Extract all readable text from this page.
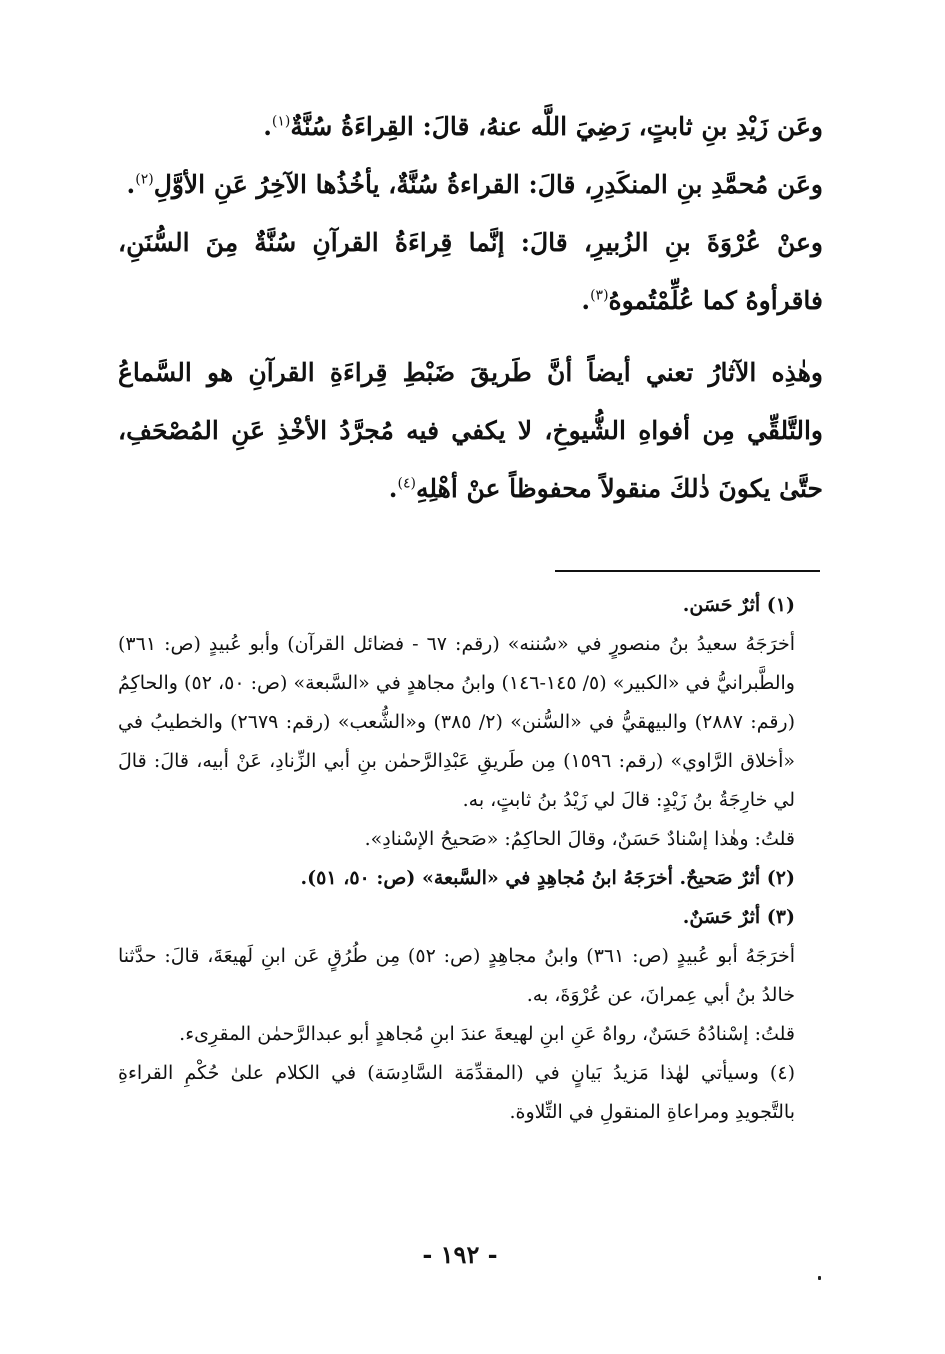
وعَن زَيْدِ بنِ ثابتٍ، رَضِيَ اللَّه عنهُ، قالَ: القِراءَةُ سُنَّةٌ$^{(١)}$.

وعَن مُحمَّدِ بنِ المنكَدِرِ، قالَ: القراءةُ سُنَّةٌ، يأخُذُها الآخِرُ عَنِ الأوَّلِ$^{(٢)}$.

وعنْ عُرْوَةَ بنِ الزُبيرِ، قالَ: إنَّما قِراءَةُ القرآنِ سُنَّةٌ مِنَ السُّنَنِ، فاقرأوهُ كما عُلِّمْتُموهُ$^{(٣)}$.

وهٰذِه الآثارُ تعني أيضاً أنَّ طَريقَ ضَبْطِ قِراءَةِ القرآنِ هو السَّماعُ والتَّلقِّي مِن أفواهِ الشُّيوخِ، لا يكفي فيه مُجرَّدُ الأخْذِ عَنِ المُصْحَفِ، حتَّىٰ يكونَ ذٰلكَ منقولاً محفوظاً عنْ أهْلِهِ$^{(٤)}$.

(١) أثرٌ حَسَن.

أخرَجَهُ سعيدُ بنُ منصورٍ في «سُننه» (رقم: ٦٧ - فضائل القرآن) وأبو عُبيدٍ (ص: ٣٦١) والطَّبرانيُّ في «الكبير» (٥/ ١٤٥-١٤٦) وابنُ مجاهدٍ في «السَّبعة» (ص: ٥٠، ٥٢) والحاكِمُ (رقم: ٢٨٨٧) والبيهقيُّ في «السُّنن» (٢/ ٣٨٥) و«الشُّعب» (رقم: ٢٦٧٩) والخطيبُ في «أخلاق الرَّاوي» (رقم: ١٥٩٦) مِن طَريقِ عَبْدِالرَّحمٰن بنِ أبي الزِّنادِ، عَنْ أبيه، قالَ: قالَ لي خارِجَةُ بنُ زَيْدٍ: قالَ لي زَيْدُ بنُ ثابتٍ، به.

قلتُ: وهٰذا إسْنادٌ حَسَنٌ، وقالَ الحاكِمُ: «صَحيحُ الإسْنادِ».

(٢) أثرٌ صَحيحٌ. أخرَجَهُ ابنُ مُجاهِدٍ في «السَّبعة» (ص: ٥٠، ٥١).

(٣) أثرٌ حَسَنٌ.

أخرَجَهُ أبو عُبيدٍ (ص: ٣٦١) وابنُ مجاهِدٍ (ص: ٥٢) مِن طُرُقٍ عَن ابنِ لَهيعَةَ، قالَ: حدَّثنا خالدُ بنُ أبي عِمرانَ، عن عُرْوَةَ، به.

قلتُ: إسْنادُهُ حَسَنٌ، رواهُ عَنِ ابنِ لهيعةَ عندَ ابنِ مُجاهدٍ أبو عبدالرَّحمٰن المقرِىء.

(٤) وسيأتي لهٰذا مَزيدُ بَيانٍ في (المقدِّمَة السَّادِسَة) في الكلام علىٰ حُكْمِ القراءةِ بالتَّجويدِ ومراعاةِ المنقولِ في التِّلاوة.

- ١٩٢ -
